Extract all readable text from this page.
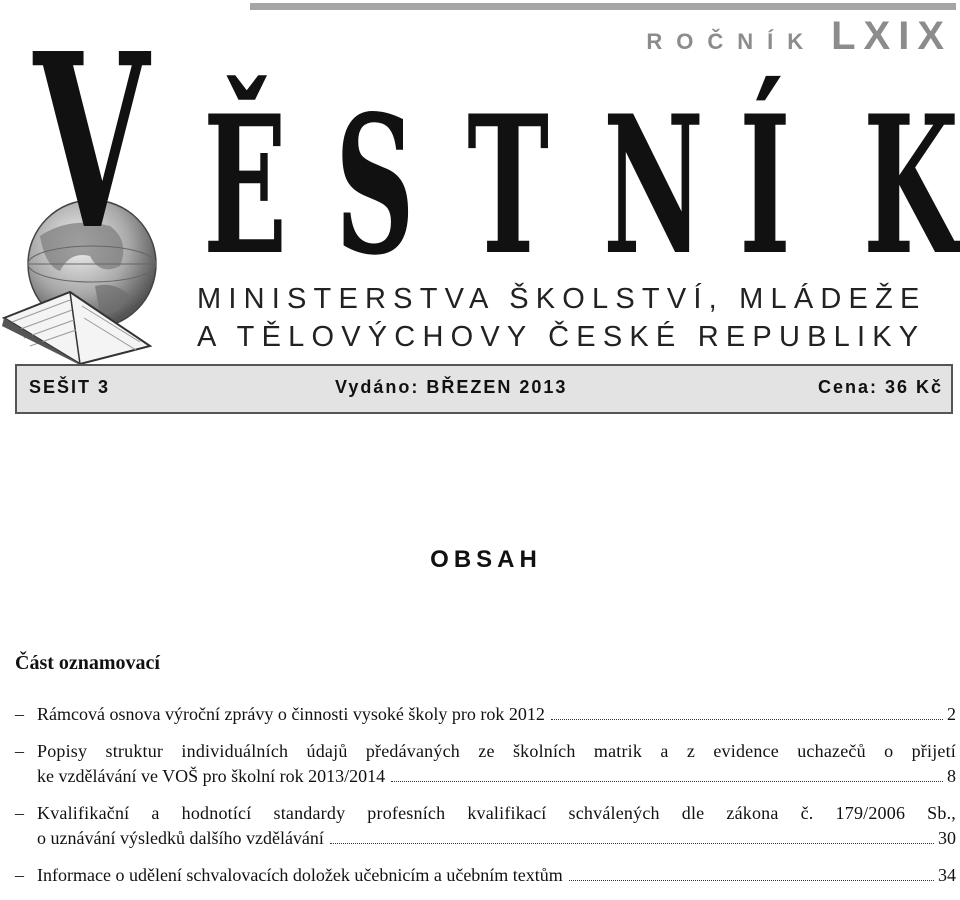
ROČNÍK LXIX
V Ě S T N Í K
MINISTERSTVA ŠKOLSTVÍ, MLÁDEŽE
A TĚLOVÝCHOVY ČESKÉ REPUBLIKY
SEŠIT 3	Vydáno: BŘEZEN 2013	Cena: 36 Kč
OBSAH
Část oznamovací
– Rámcová osnova výroční zprávy o činnosti vysoké školy pro rok 2012	2
– Popisy struktur individuálních údajů předávaných ze školních matrik a z evidence uchazečů o přijetí
ke vzdělávání ve VOŠ pro školní rok 2013/2014	8
– Kvalifikační a hodnotící standardy profesních kvalifikací schválených dle zákona č. 179/2006 Sb.,
o uznávání výsledků dalšího vzdělávání	30
– Informace o udělení schvalovacích doložek učebnicím a učebním textům	34
